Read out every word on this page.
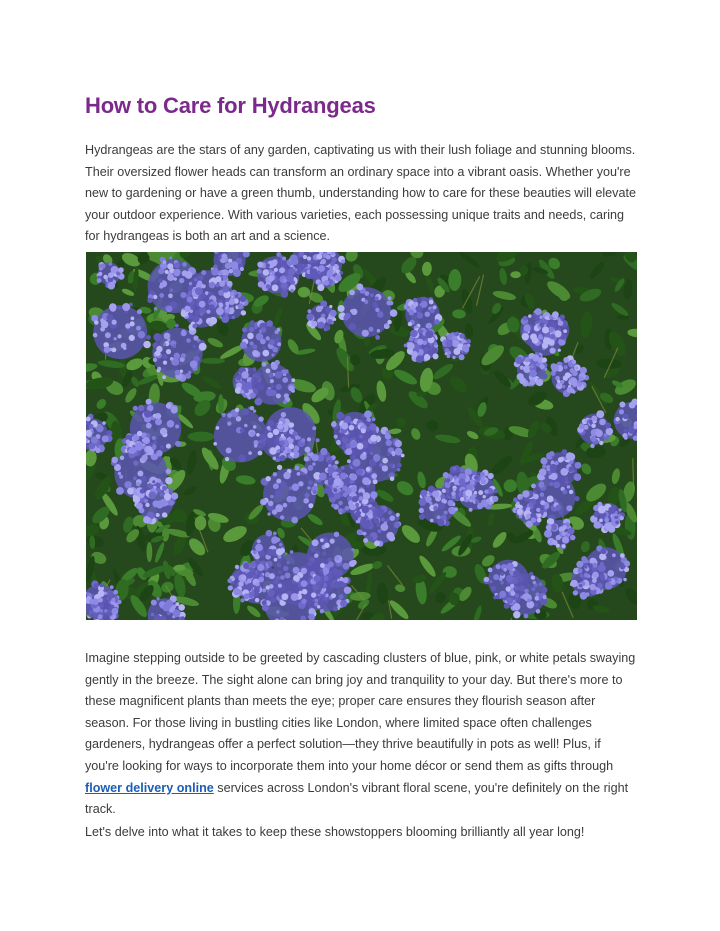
How to Care for Hydrangeas

Hydrangeas are the stars of any garden, captivating us with their lush foliage and stunning blooms. Their oversized flower heads can transform an ordinary space into a vibrant oasis. Whether you're new to gardening or have a green thumb, understanding how to care for these beauties will elevate your outdoor experience. With various varieties, each possessing unique traits and needs, caring for hydrangeas is both an art and a science.

Imagine stepping outside to be greeted by cascading clusters of blue, pink, or white petals swaying gently in the breeze. The sight alone can bring joy and tranquility to your day. But there's more to these magnificent plants than meets the eye; proper care ensures they flourish season after season. For those living in bustling cities like London, where limited space often challenges gardeners, hydrangeas offer a perfect solution—they thrive beautifully in pots as well! Plus, if you're looking for ways to incorporate them into your home décor or send them as gifts through flower delivery online services across London's vibrant floral scene, you're definitely on the right track.

Let's delve into what it takes to keep these showstoppers blooming brilliantly all year long!
